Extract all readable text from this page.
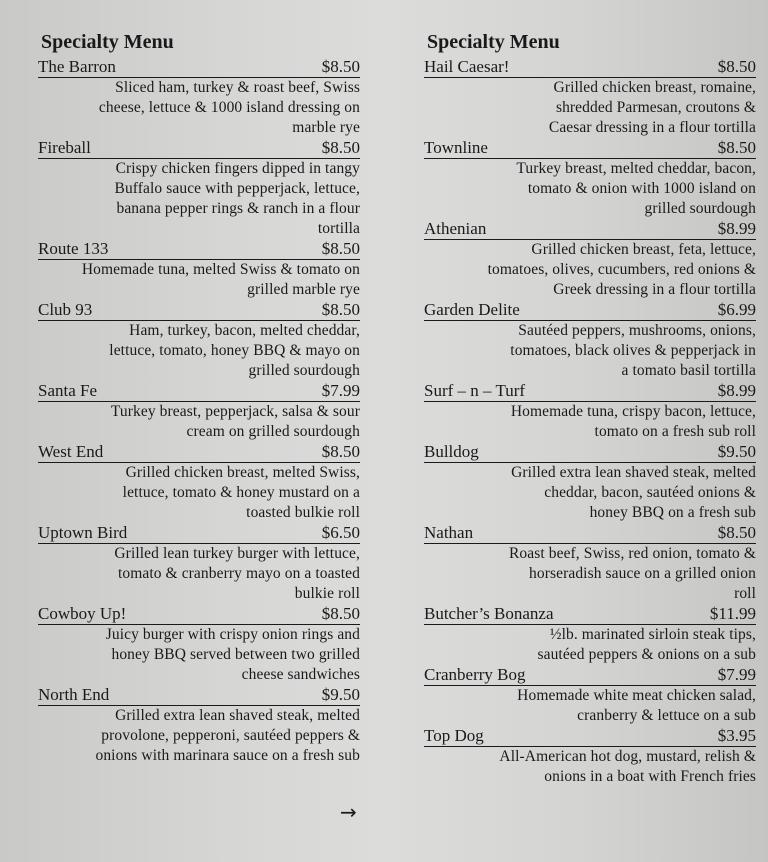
Specialty Menu
The Barron	$8.50
Sliced ham, turkey & roast beef, Swiss
cheese, lettuce & 1000 island dressing on
marble rye
Fireball	$8.50
Crispy chicken fingers dipped in tangy
Buffalo sauce with pepperjack, lettuce,
banana pepper rings & ranch in a flour
tortilla
Route 133	$8.50
Homemade tuna, melted Swiss & tomato on
grilled marble rye
Club 93	$8.50
Ham, turkey, bacon, melted cheddar,
lettuce, tomato, honey BBQ & mayo on
grilled sourdough
Santa Fe	$7.99
Turkey breast, pepperjack, salsa & sour
cream on grilled sourdough
West End	$8.50
Grilled chicken breast, melted Swiss,
lettuce, tomato & honey mustard on a
toasted bulkie roll
Uptown Bird	$6.50
Grilled lean turkey burger with lettuce,
tomato & cranberry mayo on a toasted
bulkie roll
Cowboy Up!	$8.50
Juicy burger with crispy onion rings and
honey BBQ served between two grilled
cheese sandwiches
North End	$9.50
Grilled extra lean shaved steak, melted
provolone, pepperoni, sautéed peppers &
onions with marinara sauce on a fresh sub
Specialty Menu
Hail Caesar!	$8.50
Grilled chicken breast, romaine,
shredded Parmesan, croutons &
Caesar dressing in a flour tortilla
Townline	$8.50
Turkey breast, melted cheddar, bacon,
tomato & onion with 1000 island on
grilled sourdough
Athenian	$8.99
Grilled chicken breast, feta, lettuce,
tomatoes, olives, cucumbers, red onions &
Greek dressing in a flour tortilla
Garden Delite	$6.99
Sautéed peppers, mushrooms, onions,
tomatoes, black olives & pepperjack in
a tomato basil tortilla
Surf – n – Turf	$8.99
Homemade tuna, crispy bacon, lettuce,
tomato on a fresh sub roll
Bulldog	$9.50
Grilled extra lean shaved steak, melted
cheddar, bacon, sautéed onions &
honey BBQ on a fresh sub
Nathan	$8.50
Roast beef, Swiss, red onion, tomato &
horseradish sauce on a grilled onion
roll
Butcher’s Bonanza	$11.99
½lb. marinated sirloin steak tips,
sautéed peppers & onions on a sub
Cranberry Bog	$7.99
Homemade white meat chicken salad,
cranberry & lettuce on a sub
Top Dog	$3.95
All-American hot dog, mustard, relish &
onions in a boat with French fries
→
